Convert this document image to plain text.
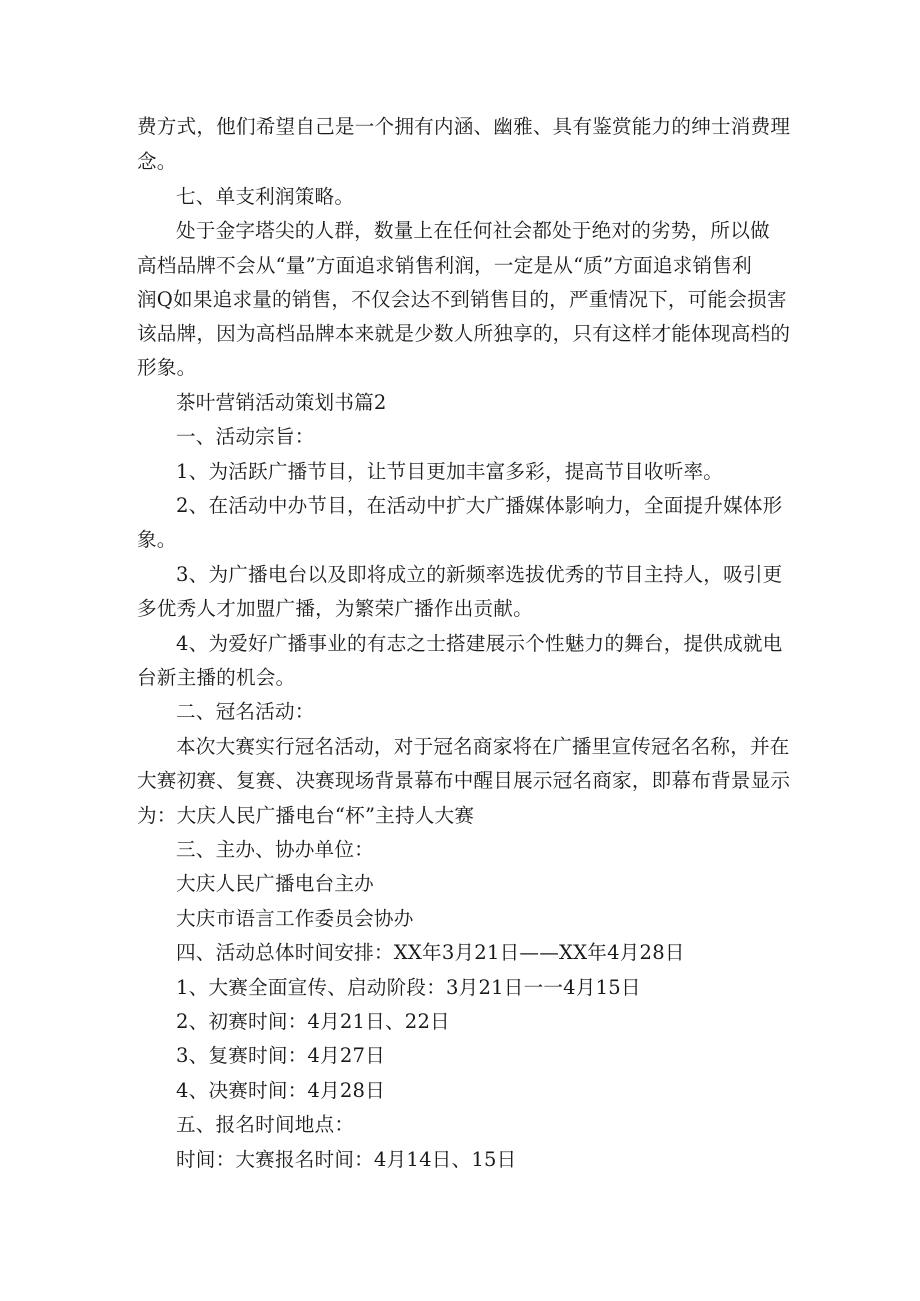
费方式，他们希望自己是一个拥有内涵、幽雅、具有鉴赏能力的绅士消费理
念。
七、单支利润策略。
处于金字塔尖的人群，数量上在任何社会都处于绝对的劣势，所以做
高档品牌不会从“量”方面追求销售利润，一定是从“质”方面追求销售利
润Q如果追求量的销售，不仅会达不到销售目的，严重情况下，可能会损害
该品牌，因为高档品牌本来就是少数人所独享的，只有这样才能体现高档的
形象。
茶叶营销活动策划书篇2
一、活动宗旨：
1、为活跃广播节目，让节目更加丰富多彩，提高节目收听率。
2、在活动中办节目，在活动中扩大广播媒体影响力，全面提升媒体形
象。
3、为广播电台以及即将成立的新频率选拔优秀的节目主持人，吸引更
多优秀人才加盟广播，为繁荣广播作出贡献。
4、为爱好广播事业的有志之士搭建展示个性魅力的舞台，提供成就电
台新主播的机会。
二、冠名活动：
本次大赛实行冠名活动，对于冠名商家将在广播里宣传冠名名称，并在
大赛初赛、复赛、决赛现场背景幕布中醒目展示冠名商家，即幕布背景显示
为：大庆人民广播电台“杯”主持人大赛
三、主办、协办单位：
大庆人民广播电台主办
大庆市语言工作委员会协办
四、活动总体时间安排：XX年3月21日——XX年4月28日
1、大赛全面宣传、启动阶段：3月21日一一4月15日
2、初赛时间：4月21日、22日
3、复赛时间：4月27日
4、决赛时间：4月28日
五、报名时间地点：
时间：大赛报名时间：4月14日、15日
